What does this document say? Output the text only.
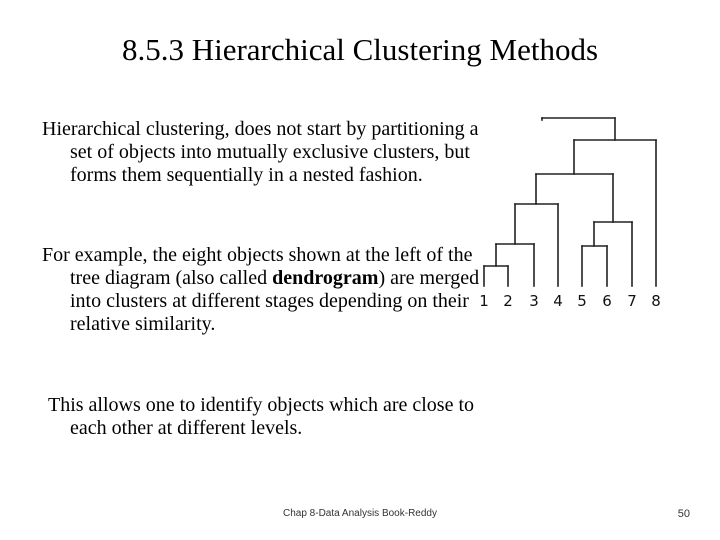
8.5.3 Hierarchical Clustering Methods

Hierarchical clustering, does not start by partitioning a set of objects into mutually exclusive clusters, but forms them sequentially in a nested fashion.

For example, the eight objects shown at the left of the tree diagram (also called dendrogram) are merged into clusters at different stages depending on their relative similarity.

This allows one to identify objects which are close to each other at different levels.

1 2 3 4 5 6 7 8
Chap 8-Data Analysis Book-Reddy	50
